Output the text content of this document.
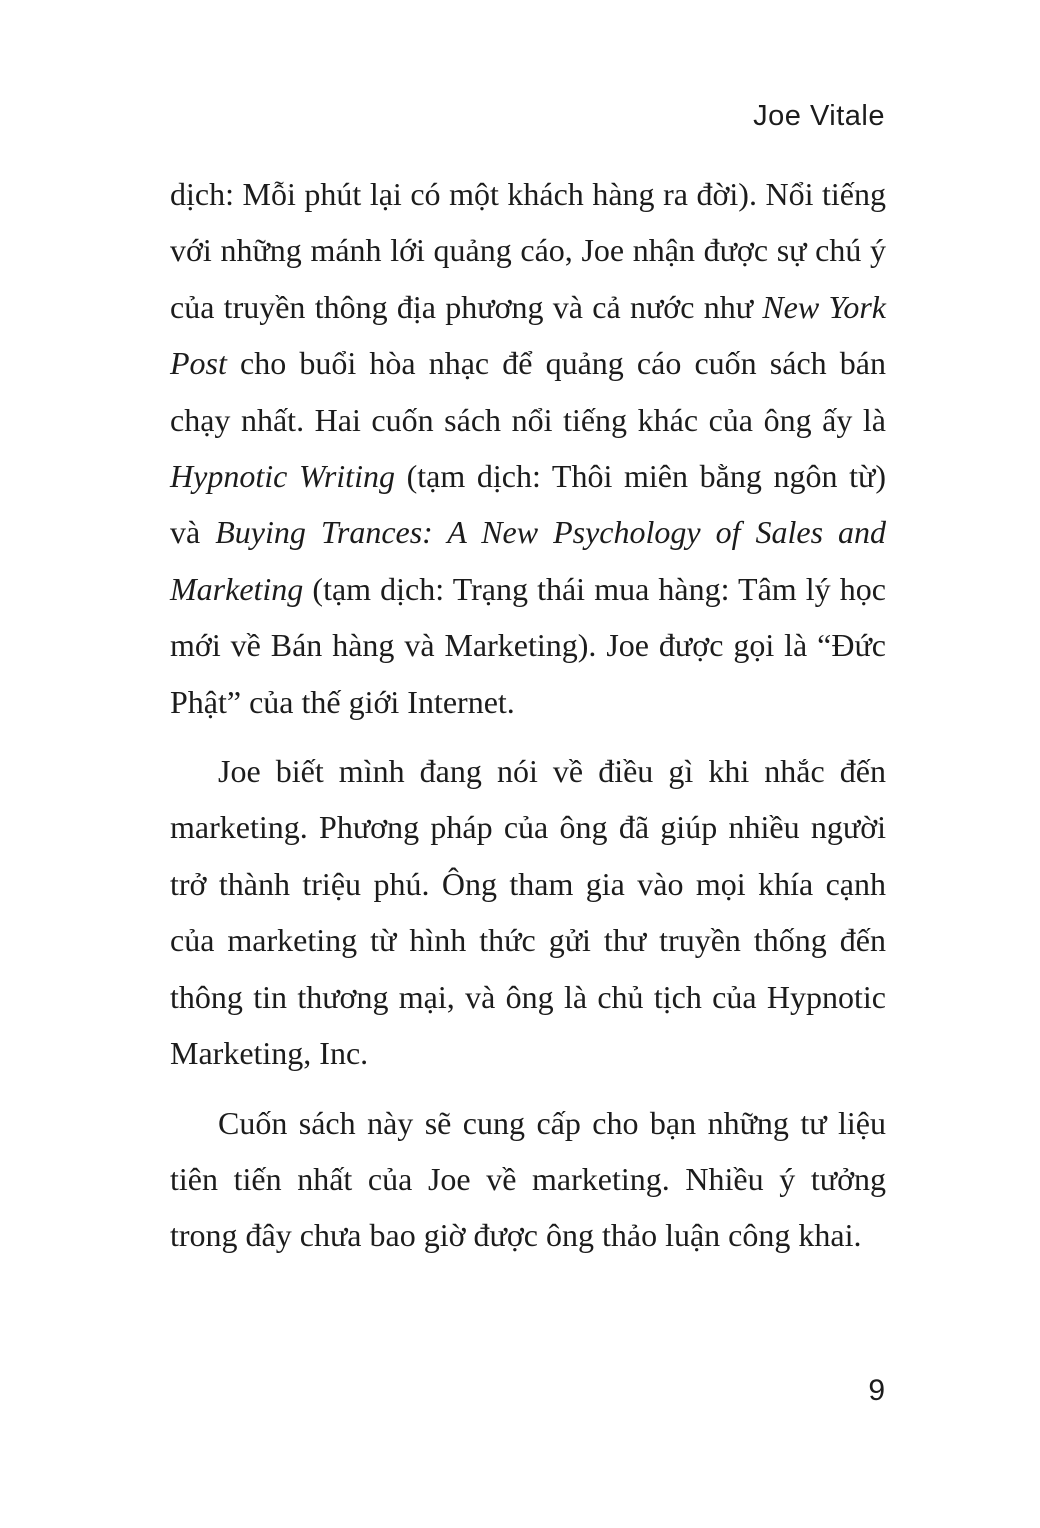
Joe Vitale

dịch: Mỗi phút lại có một khách hàng ra đời). Nổi tiếng với những mánh lới quảng cáo, Joe nhận được sự chú ý của truyền thông địa phương và cả nước như New York Post cho buổi hòa nhạc để quảng cáo cuốn sách bán chạy nhất. Hai cuốn sách nổi tiếng khác của ông ấy là Hypnotic Writing (tạm dịch: Thôi miên bằng ngôn từ) và Buying Trances: A New Psychology of Sales and Marketing (tạm dịch: Trạng thái mua hàng: Tâm lý học mới về Bán hàng và Marketing). Joe được gọi là “Đức Phật” của thế giới Internet.

Joe biết mình đang nói về điều gì khi nhắc đến marketing. Phương pháp của ông đã giúp nhiều người trở thành triệu phú. Ông tham gia vào mọi khía cạnh của marketing từ hình thức gửi thư truyền thống đến thông tin thương mại, và ông là chủ tịch của Hypnotic Marketing, Inc.

Cuốn sách này sẽ cung cấp cho bạn những tư liệu tiên tiến nhất của Joe về marketing. Nhiều ý tưởng trong đây chưa bao giờ được ông thảo luận công khai.

9
